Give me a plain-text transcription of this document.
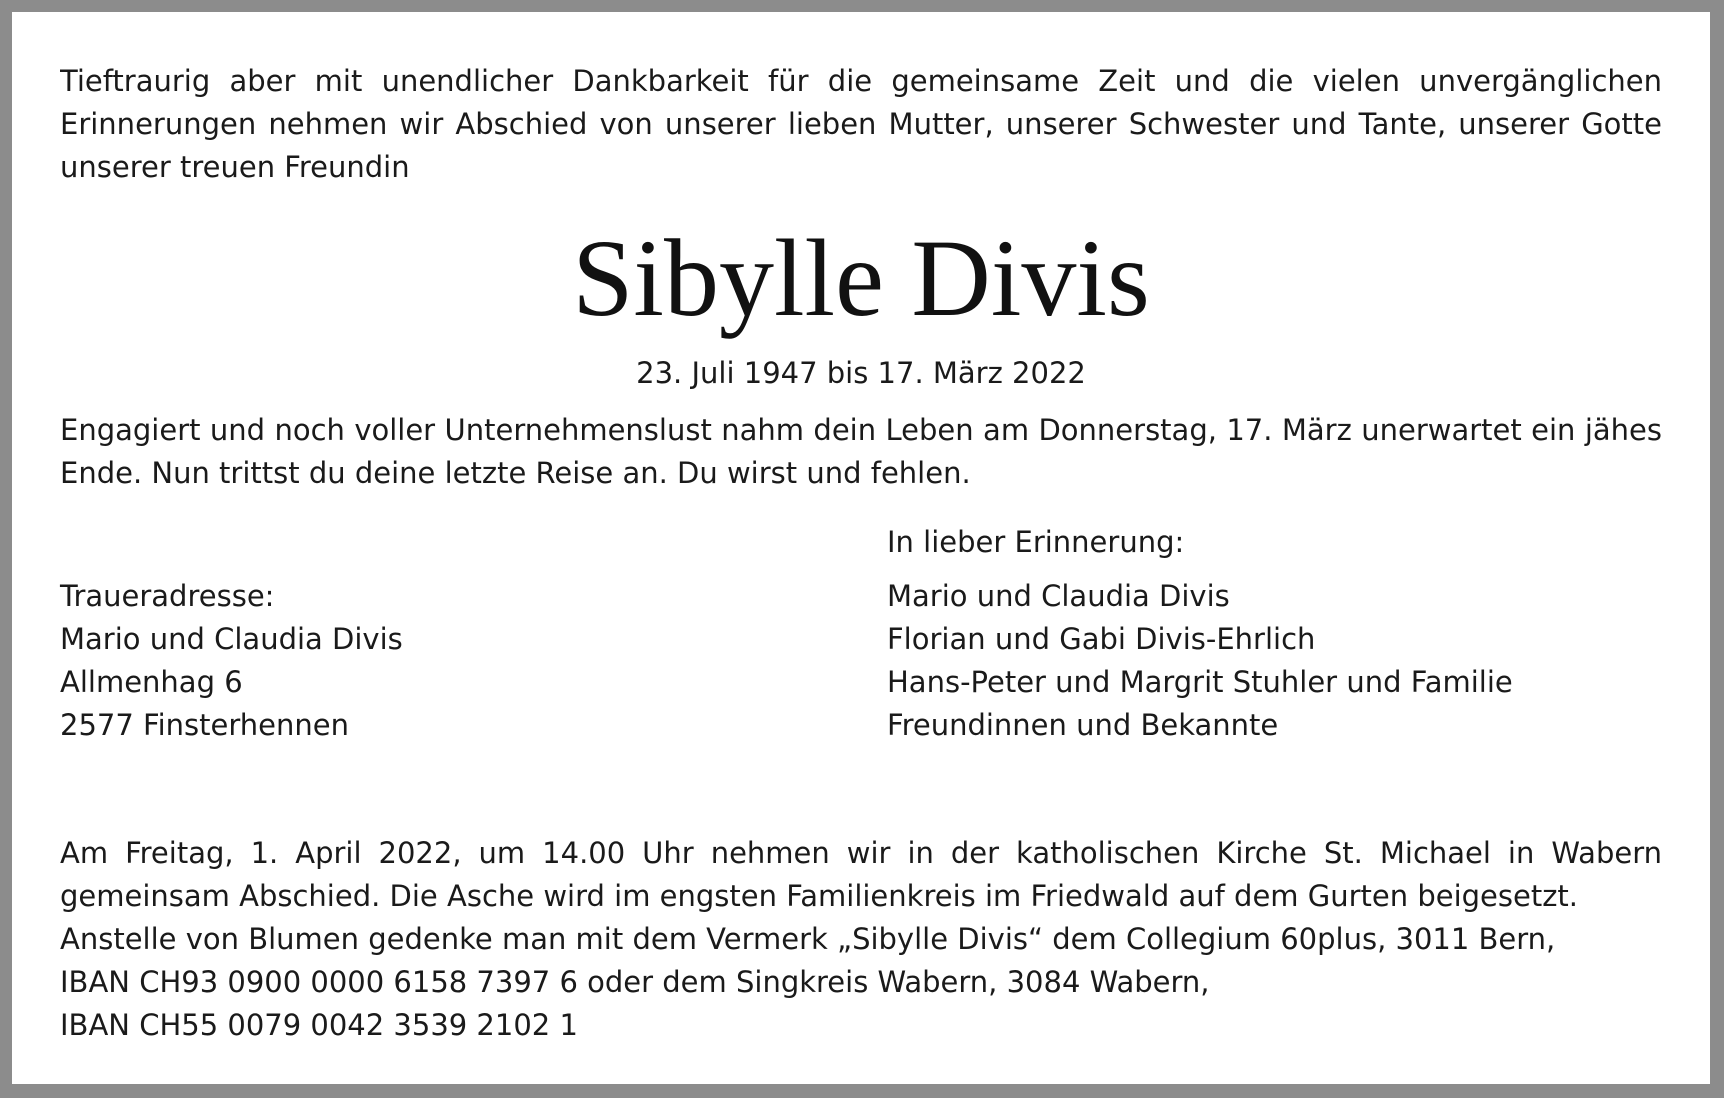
Tieftraurig aber mit unendlicher Dankbarkeit für die gemeinsame Zeit und die vielen unvergänglichen
Erinnerungen nehmen wir Abschied von unserer lieben Mutter, unserer Schwester und Tante, unserer Gotte
unserer treuen Freundin
Sibylle Divis
23. Juli 1947 bis 17. März 2022
Engagiert und noch voller Unternehmenslust nahm dein Leben am Donnerstag, 17. März unerwartet ein jähes
Ende. Nun trittst du deine letzte Reise an. Du wirst und fehlen.
Traueradresse:
Mario und Claudia Divis
Allmenhag 6
2577 Finsterhennen
In lieber Erinnerung:
Mario und Claudia Divis
Florian und Gabi Divis-Ehrlich
Hans-Peter und Margrit Stuhler und Familie
Freundinnen und Bekannte
Am Freitag, 1. April 2022, um 14.00 Uhr nehmen wir in der katholischen Kirche St. Michael in Wabern
gemeinsam Abschied. Die Asche wird im engsten Familienkreis im Friedwald auf dem Gurten beigesetzt.
Anstelle von Blumen gedenke man mit dem Vermerk „Sibylle Divis“ dem Collegium 60plus, 3011 Bern,
IBAN CH93 0900 0000 6158 7397 6 oder dem Singkreis Wabern, 3084 Wabern,
IBAN CH55 0079 0042 3539 2102 1
